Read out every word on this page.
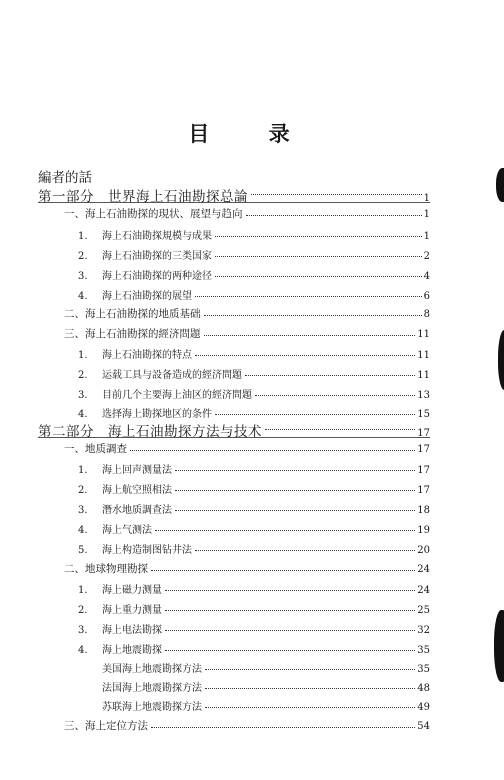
目 录
編者的話
第一部分　世界海上石油勘探总論	1
一、海上石油勘探的現状、展望与趋向	1
1. 海上石油勘探規模与成果	1
2. 海上石油勘探的三类国家	2
3. 海上石油勘探的两种途径	4
4. 海上石油勘探的展望	6
二、海上石油勘探的地质基础	8
三、海上石油勘探的經济問題	11
1. 海上石油勘探的特点	11
2. 运载工具与設备造成的經济問題	11
3. 目前几个主要海上油区的經济問題	13
4. 选择海上勘探地区的条件	15
第二部分　海上石油勘探方法与技术	17
一、地质調查	17
1. 海上回声测量法	17
2. 海上航空照相法	17
3. 潛水地质調查法	18
4. 海上气测法	19
5. 海上构造制图钻井法	20
二、地球物理勘探	24
1. 海上磁力测量	24
2. 海上重力测量	25
3. 海上电法勘探	32
4. 海上地震勘探	35
美国海上地震勘探方法	35
法国海上地震勘探方法	48
苏联海上地震勘探方法	49
三、海上定位方法	54
